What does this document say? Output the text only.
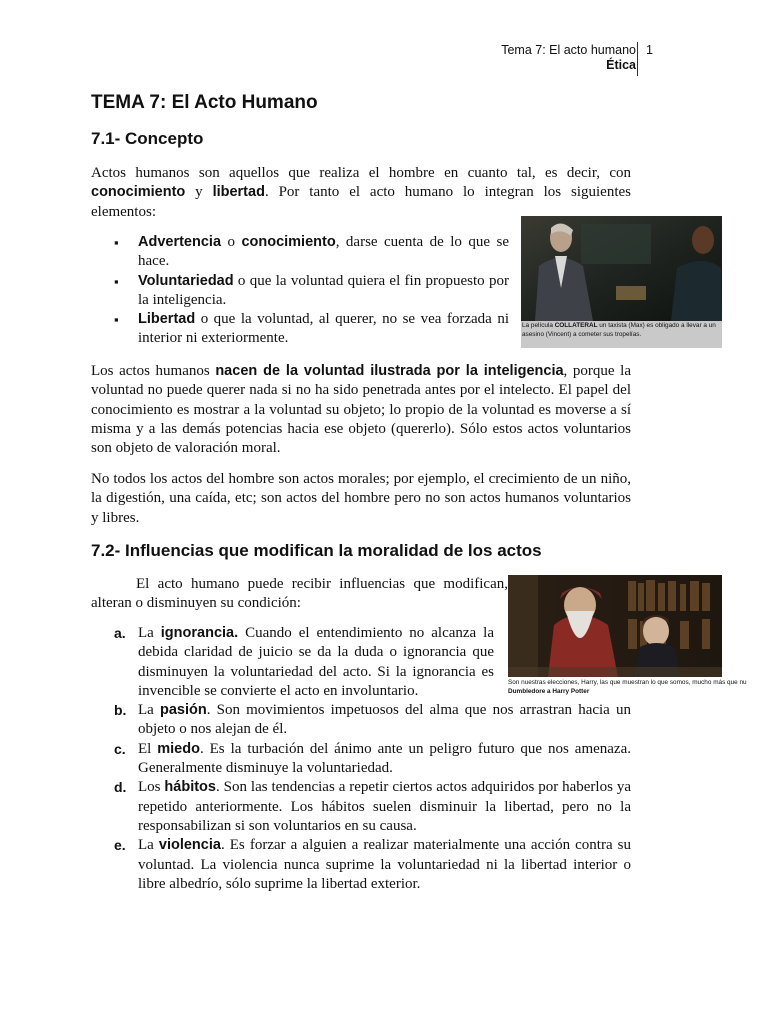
Tema 7: El acto humano
Ética
1
TEMA 7: El Acto Humano
7.1- Concepto

Actos humanos son aquellos que realiza el hombre en cuanto tal, es decir, con conocimiento y libertad. Por tanto el acto humano lo integran los siguientes elementos:

▪ Advertencia o conocimiento, darse cuenta de lo que se hace.
▪ Voluntariedad o que la voluntad quiera el fin propuesto por la inteligencia.
▪ Libertad o que la voluntad, al querer, no se vea forzada ni interior ni exteriormente.
La película COLLATERAL un taxista (Max) es obligado a llevar a un asesino (Vincent) a cometer sus tropelías.

Los actos humanos nacen de la voluntad ilustrada por la inteligencia, porque la voluntad no puede querer nada si no ha sido penetrada antes por el intelecto. El papel del conocimiento es mostrar a la voluntad su objeto; lo propio de la voluntad es moverse a sí misma y a las demás potencias hacia ese objeto (quererlo). Sólo estos actos voluntarios son objeto de valoración moral.

No todos los actos del hombre son actos morales; por ejemplo, el crecimiento de un niño, la digestión, una caída, etc; son actos del hombre pero no son actos humanos voluntarios y libres.

7.2- Influencias que modifican la moralidad de los actos

El acto humano puede recibir influencias que modifican, alteran o disminuyen su condición:

Son nuestras elecciones, Harry, las que muestran lo que somos, mucho más que nu
Dumbledore a Harry Potter
a. La ignorancia. Cuando el entendimiento no alcanza la debida claridad de juicio se da la duda o ignorancia que disminuyen la voluntariedad del acto. Si la ignorancia es invencible se convierte el acto en involuntario.
b. La pasión. Son movimientos impetuosos del alma que nos arrastran hacia un objeto o nos alejan de él.
c. El miedo. Es la turbación del ánimo ante un peligro futuro que nos amenaza. Generalmente disminuye la voluntariedad.
d. Los hábitos. Son las tendencias a repetir ciertos actos adquiridos por haberlos ya repetido anteriormente. Los hábitos suelen disminuir la libertad, pero no la responsabilizan si son voluntarios en su causa.
e. La violencia. Es forzar a alguien a realizar materialmente una acción contra su voluntad. La violencia nunca suprime la voluntariedad ni la libertad interior o libre albedrío, sólo suprime la libertad exterior.
